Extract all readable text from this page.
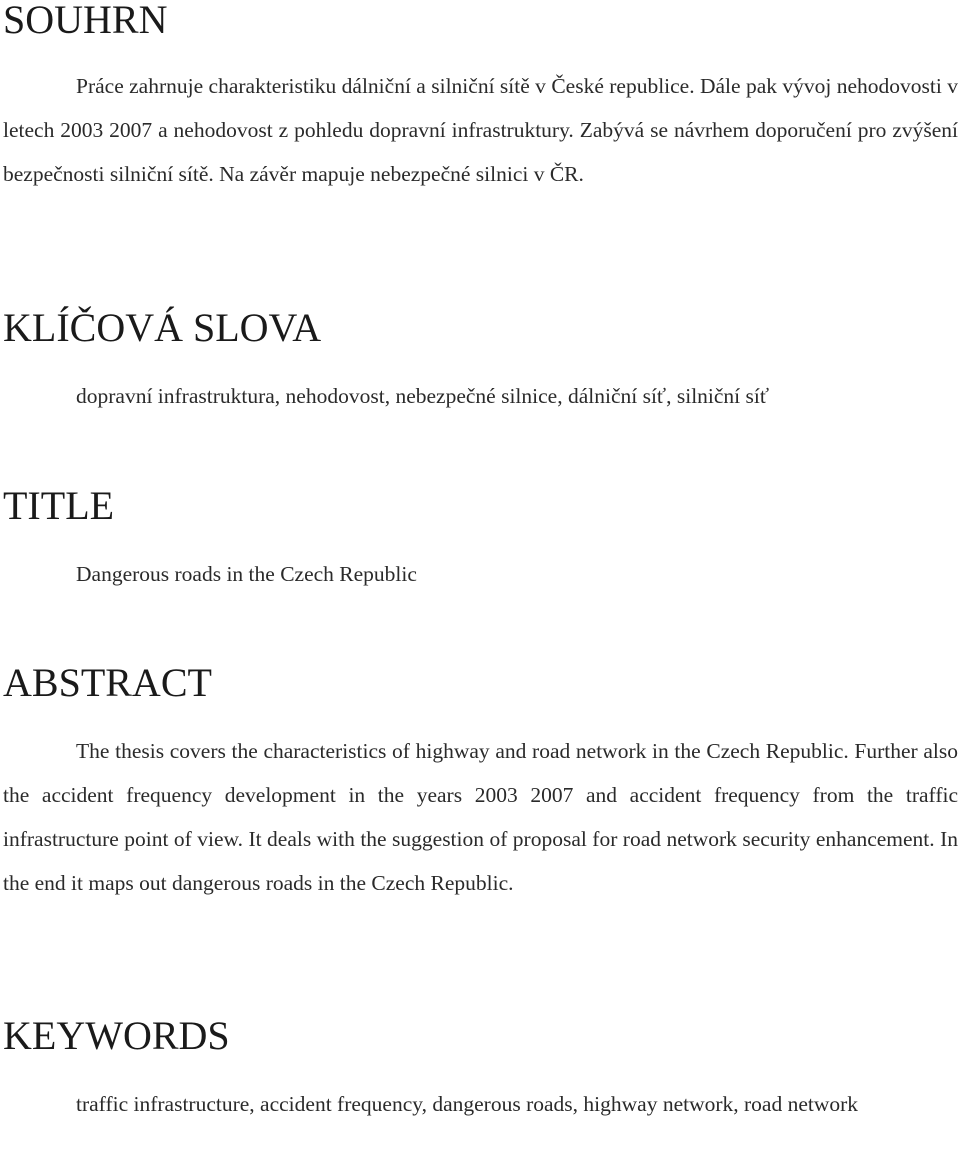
SOUHRN

Práce zahrnuje charakteristiku dálniční a silniční sítě v České republice. Dále pak vývoj nehodovosti v letech 2003 2007 a nehodovost z pohledu dopravní infrastruktury. Zabývá se návrhem doporučení pro zvýšení bezpečnosti silniční sítě. Na závěr mapuje nebezpečné silnici v ČR.

KLÍČOVÁ SLOVA

dopravní infrastruktura, nehodovost, nebezpečné silnice, dálniční síť, silniční síť

TITLE

Dangerous roads in the Czech Republic

ABSTRACT

The thesis covers the characteristics of highway and road network in the Czech Republic. Further also the accident frequency development in the years 2003 2007 and accident frequency from the traffic infrastructure point of view. It deals with the suggestion of proposal for road network security enhancement. In the end it maps out dangerous roads in the Czech Republic.

KEYWORDS

traffic infrastructure, accident frequency, dangerous roads, highway network, road network
